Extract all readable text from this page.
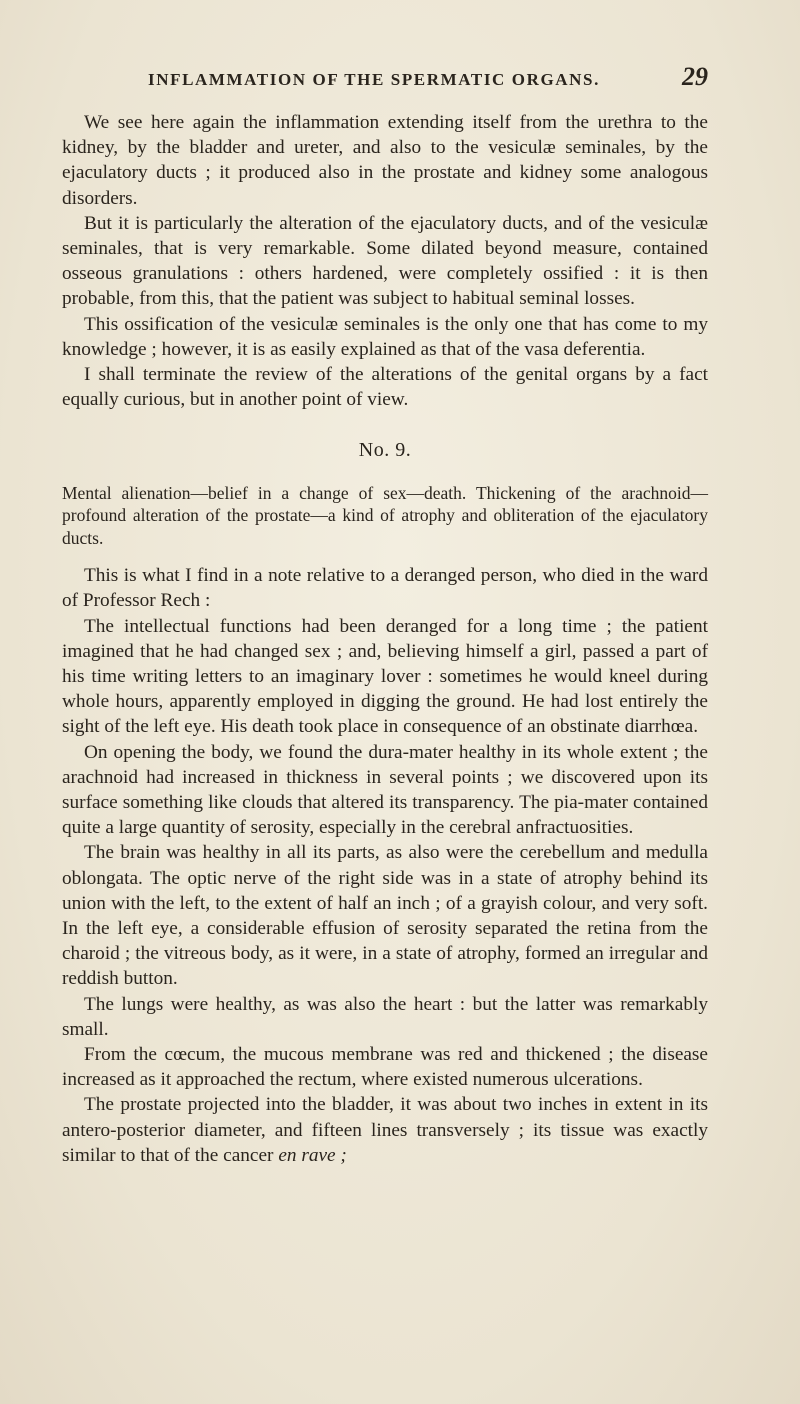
INFLAMMATION OF THE SPERMATIC ORGANS.	29

We see here again the inflammation extending itself from the urethra to the kidney, by the bladder and ureter, and also to the vesiculæ seminales, by the ejaculatory ducts ; it produced also in the prostate and kidney some analogous disorders.

But it is particularly the alteration of the ejaculatory ducts, and of the vesiculæ seminales, that is very remarkable. Some dilated beyond measure, contained osseous granulations : others hardened, were completely ossified : it is then probable, from this, that the patient was subject to habitual seminal losses.

This ossification of the vesiculæ seminales is the only one that has come to my knowledge ; however, it is as easily explained as that of the vasa deferentia.

I shall terminate the review of the alterations of the genital organs by a fact equally curious, but in another point of view.

No. 9.

Mental alienation—belief in a change of sex—death. Thickening of the arachnoid—profound alteration of the prostate—a kind of atrophy and obliteration of the ejaculatory ducts.

This is what I find in a note relative to a deranged person, who died in the ward of Professor Rech :

The intellectual functions had been deranged for a long time ; the patient imagined that he had changed sex ; and, believing himself a girl, passed a part of his time writing letters to an imaginary lover : sometimes he would kneel during whole hours, apparently employed in digging the ground. He had lost entirely the sight of the left eye. His death took place in consequence of an obstinate diarrhœa.

On opening the body, we found the dura-mater healthy in its whole extent ; the arachnoid had increased in thickness in several points ; we discovered upon its surface something like clouds that altered its transparency. The pia-mater contained quite a large quantity of serosity, especially in the cerebral anfractuosities.

The brain was healthy in all its parts, as also were the cerebellum and medulla oblongata. The optic nerve of the right side was in a state of atrophy behind its union with the left, to the extent of half an inch ; of a grayish colour, and very soft. In the left eye, a considerable effusion of serosity separated the retina from the charoid ; the vitreous body, as it were, in a state of atrophy, formed an irregular and reddish button.

The lungs were healthy, as was also the heart : but the latter was remarkably small.

From the cœcum, the mucous membrane was red and thickened ; the disease increased as it approached the rectum, where existed numerous ulcerations.

The prostate projected into the bladder, it was about two inches in extent in its antero-posterior diameter, and fifteen lines transversely ; its tissue was exactly similar to that of the cancer en rave ;
